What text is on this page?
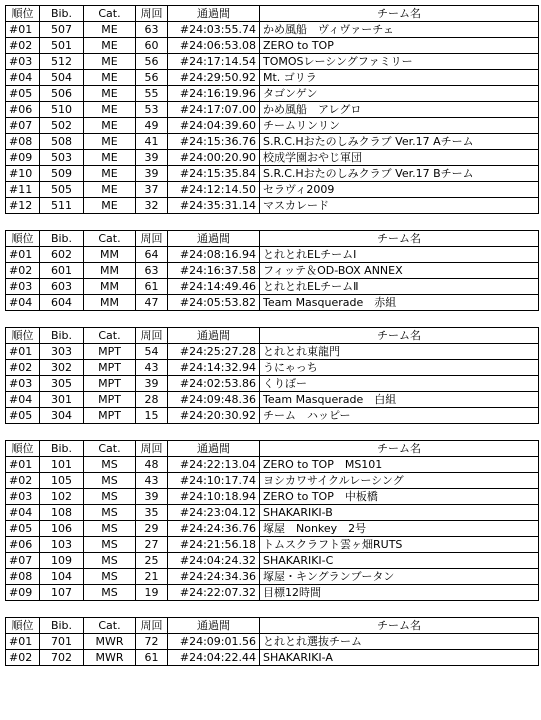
順位	Bib.	Cat.	周回	通過間	チーム名
#01	507	ME	63	#24:03:55.74	かめ風船　ヴィヴァーチェ
#02	501	ME	60	#24:06:53.08	ZERO to TOP
#03	512	ME	56	#24:17:14.54	TOMOSレーシングファミリー
#04	504	ME	56	#24:29:50.92	Mt. ゴリラ
#05	506	ME	55	#24:16:19.96	タゴンゲン
#06	510	ME	53	#24:17:07.00	かめ風船　アレグロ
#07	502	ME	49	#24:04:39.60	チームリンリン
#08	508	ME	41	#24:15:36.76	S.R.C.Hおたのしみクラブ Ver.17 Aチーム
#09	503	ME	39	#24:00:20.90	校成学園おやじ軍団
#10	509	ME	39	#24:15:35.84	S.R.C.Hおたのしみクラブ Ver.17 Bチーム
#11	505	ME	37	#24:12:14.50	セラヴィ2009
#12	511	ME	32	#24:35:31.14	マスカレード
順位	Bib.	Cat.	周回	通過間	チーム名
#01	602	MM	64	#24:08:16.94	とれとれELチームⅠ
#02	601	MM	63	#24:16:37.58	フィッテ＆OD-BOX ANNEX
#03	603	MM	61	#24:14:49.46	とれとれELチームⅡ
#04	604	MM	47	#24:05:53.82	Team Masquerade　赤組
順位	Bib.	Cat.	周回	通過間	チーム名
#01	303	MPT	54	#24:25:27.28	とれとれ東龍門
#02	302	MPT	43	#24:14:32.94	うにゃっち
#03	305	MPT	39	#24:02:53.86	くりぼー
#04	301	MPT	28	#24:09:48.36	Team Masquerade　白組
#05	304	MPT	15	#24:20:30.92	チーム　ハッピー
順位	Bib.	Cat.	周回	通過間	チーム名
#01	101	MS	48	#24:22:13.04	ZERO to TOP　MS101
#02	105	MS	43	#24:10:17.74	ヨシカワサイクルレーシング
#03	102	MS	39	#24:10:18.94	ZERO to TOP　中板橋
#04	108	MS	35	#24:23:04.12	SHAKARIKI-B
#05	106	MS	29	#24:24:36.76	塚屋　Nonkey　2号
#06	103	MS	27	#24:21:56.18	トムスクラフト雲ヶ畑RUTS
#07	109	MS	25	#24:04:24.32	SHAKARIKI-C
#08	104	MS	21	#24:24:34.36	塚屋・キングランブータン
#09	107	MS	19	#24:22:07.32	目標12時間
順位	Bib.	Cat.	周回	通過間	チーム名
#01	701	MWR	72	#24:09:01.56	とれとれ選抜チーム
#02	702	MWR	61	#24:04:22.44	SHAKARIKI-A
